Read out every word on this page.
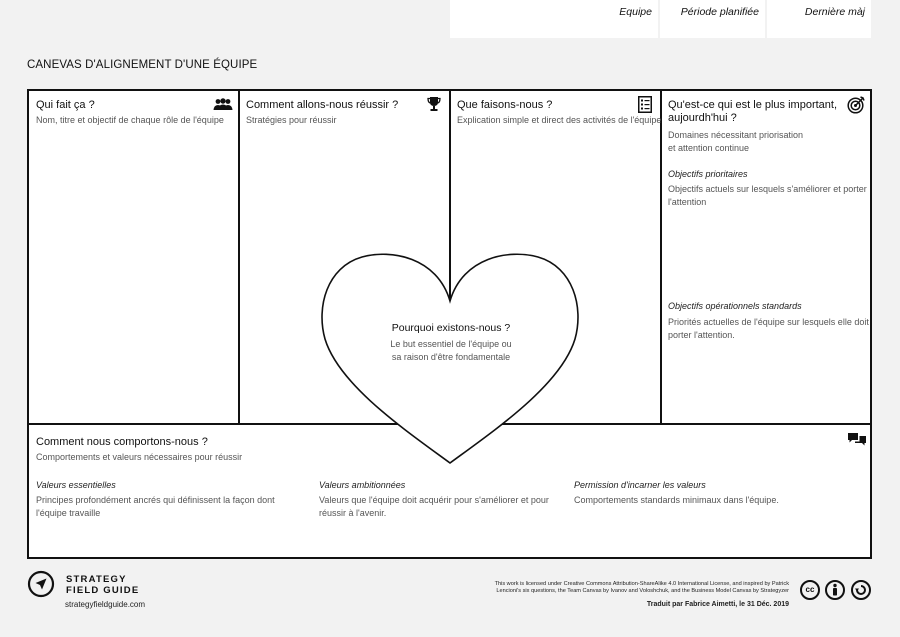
CANEVAS D'ALIGNEMENT D'UNE ÉQUIPE
Equipe	Période planifiée	Dernière màj
Qui fait ça ?
Nom, titre et objectif de chaque rôle de l'équipe
Comment allons-nous réussir ?
Stratégies pour réussir
Que faisons-nous ?
Explication simple et direct des activités de l'équipe
Qu'est-ce qui est le plus important,
aujourdh'hui ?
Domaines nécessitant priorisation
et attention continue
Objectifs prioritaires
Objectifs actuels sur lesquels s'améliorer et porter
l'attention
Objectifs opérationnels standards
Priorités actuelles de l'équipe sur lesquels elle doit
porter l'attention.
Comment nous comportons-nous ?
Comportements et valeurs nécessaires pour réussir
Valeurs essentielles
Principes profondément ancrés qui définissent la façon dont
l'équipe travaille
Valeurs ambitionnées
Valeurs que l'équipe doit acquérir pour s'améliorer et pour
réussir à l'avenir.
Permission d'incarner les valeurs
Comportements standards minimaux dans l'équipe.
Pourquoi existons-nous ?
Le but essentiel de l'équipe ou
sa raison d'être fondamentale
STRATEGY
FIELD GUIDE
strategyfieldguide.com
This work is licensed under Creative Commons Attribution-ShareAlike 4.0 International License, and inspired by Patrick
Lencioni's six questions, the Team Canvas by Ivanov and Voloshchuk, and the Business Model Canvas by Strategyzer
Traduit par Fabrice Aimetti, le 31 Déc. 2019
cc
